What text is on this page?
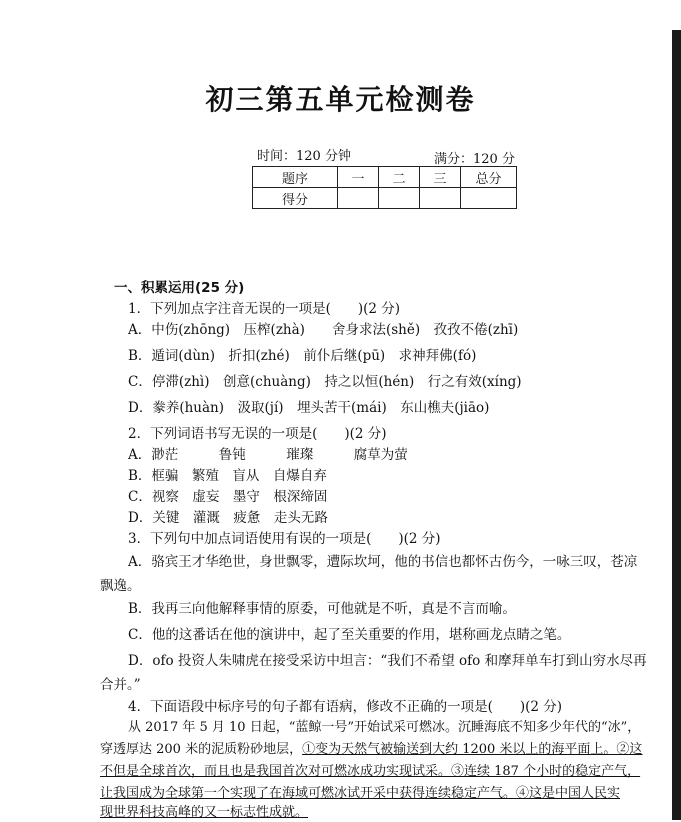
初三第五单元检测卷
时间：120 分钟	满分：120 分
题序	一	二	三	总分
得分				
一、积累运用(25 分)
1．下列加点字注音无误的一项是(　　)(2 分)
A．中伤(zhōng)　压榨(zhà)　　舍身求法(shě)　孜孜不倦(zhī)
B．遁词(dùn)　折扣(zhé)　前仆后继(pū)　求神拜佛(fó)
C．停滞(zhì)　创意(chuàng)　持之以恒(hén)　行之有效(xíng)
D．豢养(huàn)　汲取(jí)　埋头苦干(mái)　东山樵夫(jiāo)
2．下列词语书写无误的一项是(　　)(2 分)
A．渺茫　　　鲁钝　　　璀璨　　　腐草为萤
B．框骗　繁殖　盲从　自爆自弃
C．视察　虚妄　墨守　根深缔固
D．关键　灌溉　疲惫　走头无路
3．下列句中加点词语使用有误的一项是(　　)(2 分)
A．骆宾王才华绝世，身世飘零，遭际坎坷，他的书信也都怀古伤今，一咏三叹，苍凉
飘逸。
B．我再三向他解释事情的原委，可他就是不听，真是不言而喻。
C．他的这番话在他的演讲中，起了至关重要的作用，堪称画龙点睛之笔。
D．ofo 投资人朱啸虎在接受采访中坦言：“我们不希望 ofo 和摩拜单车打到山穷水尽再
合并。”
4．下面语段中标序号的句子都有语病，修改不正确的一项是(　　)(2 分)
从 2017 年 5 月 10 日起，“蓝鲸一号”开始试采可燃冰。沉睡海底不知多少年代的“冰”，
穿透厚达 200 米的泥质粉砂地层，①变为天然气被输送到大约 1200 米以上的海平面上。②这
不但是全球首次，而且也是我国首次对可燃冰成功实现试采。③连续 187 个小时的稳定产气，
让我国成为全球第一个实现了在海域可燃冰试开采中获得连续稳定产气。④这是中国人民实
现世界科技高峰的又一标志性成就。
